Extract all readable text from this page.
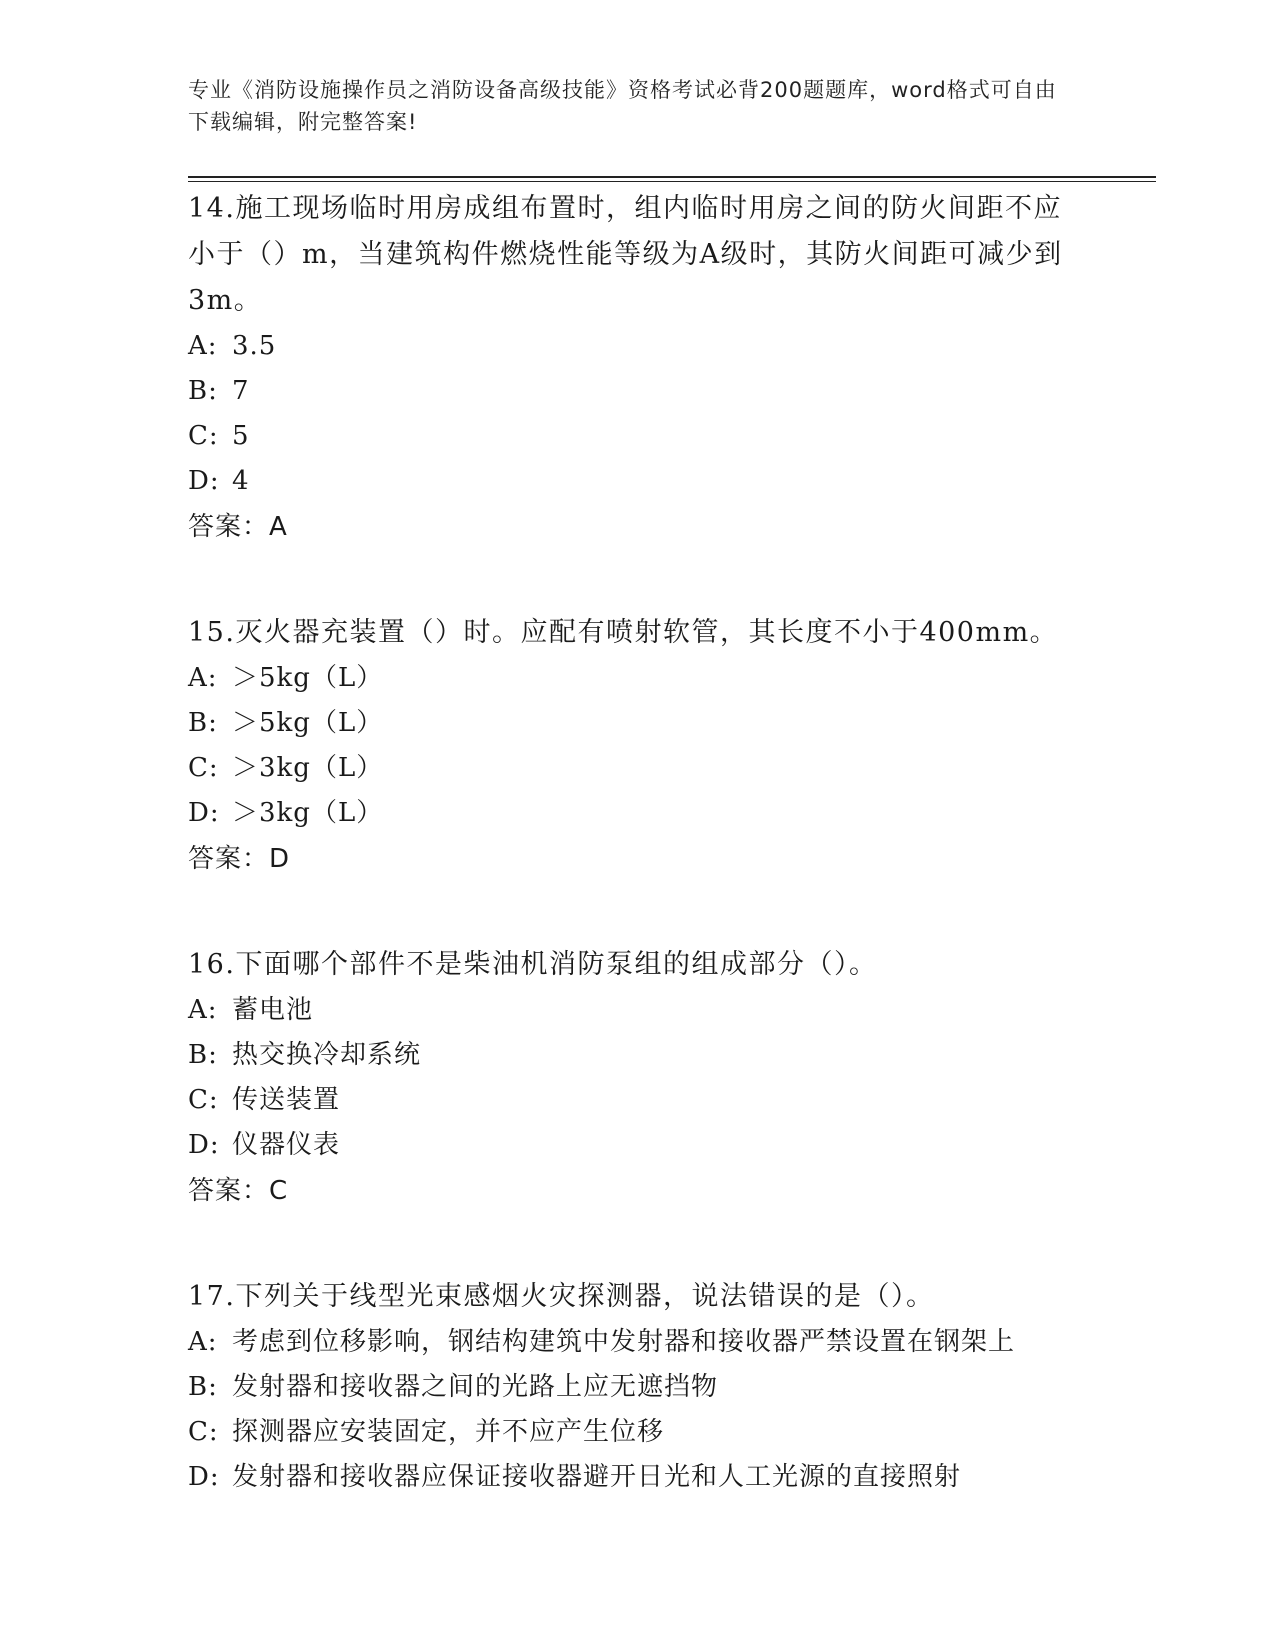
专业《消防设施操作员之消防设备高级技能》资格考试必背200题题库，word格式可自由下载编辑，附完整答案!

14.施工现场临时用房成组布置时，组内临时用房之间的防火间距不应小于（）m，当建筑构件燃烧性能等级为A级时，其防火间距可减少到3m。

A: 3.5
B: 7
C: 5
D: 4
答案：A

15.灭火器充装置（）时。应配有喷射软管，其长度不小于400mm。

A: ＞5kg（L）
B: ＞5kg（L）
C: ＞3kg（L）
D: ＞3kg（L）
答案：D

16.下面哪个部件不是柴油机消防泵组的组成部分（）。

A: 蓄电池
B: 热交换冷却系统
C: 传送装置
D: 仪器仪表
答案：C

17.下列关于线型光束感烟火灾探测器，说法错误的是（）。

A: 考虑到位移影响，钢结构建筑中发射器和接收器严禁设置在钢架上
B: 发射器和接收器之间的光路上应无遮挡物
C: 探测器应安装固定，并不应产生位移
D: 发射器和接收器应保证接收器避开日光和人工光源的直接照射
